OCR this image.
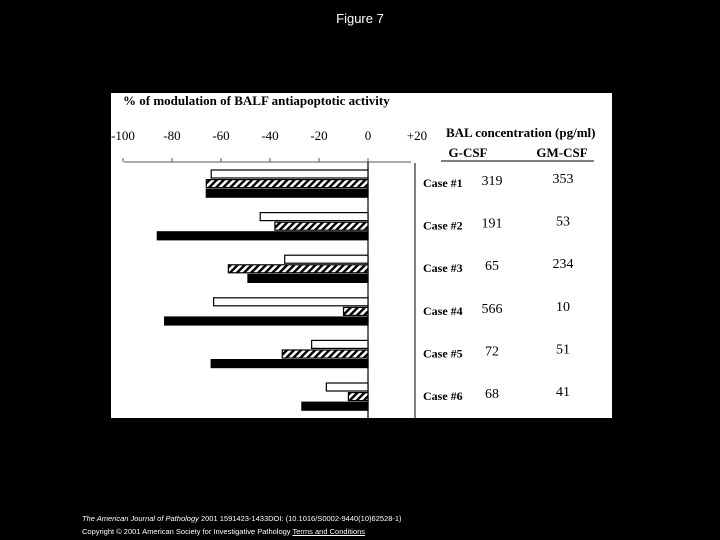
Figure 7
% of modulation of BALF antiapoptotic activity
-100 -80 -60 -40 -20	0	+20 BAL concentration (pg/ml)
G-CSF	GM-CSF
Case #1 319	353
Case #2 191	53
Case #3 65	234
Case #4 566	10
Case #5 72	51
Case #6 68	41
The American Journal of Pathology 2001 1591423-1433DOI: (10.1016/S0002-9440(10)62528-1)
Copyright © 2001 American Society for Investigative Pathology Terms and Conditions
